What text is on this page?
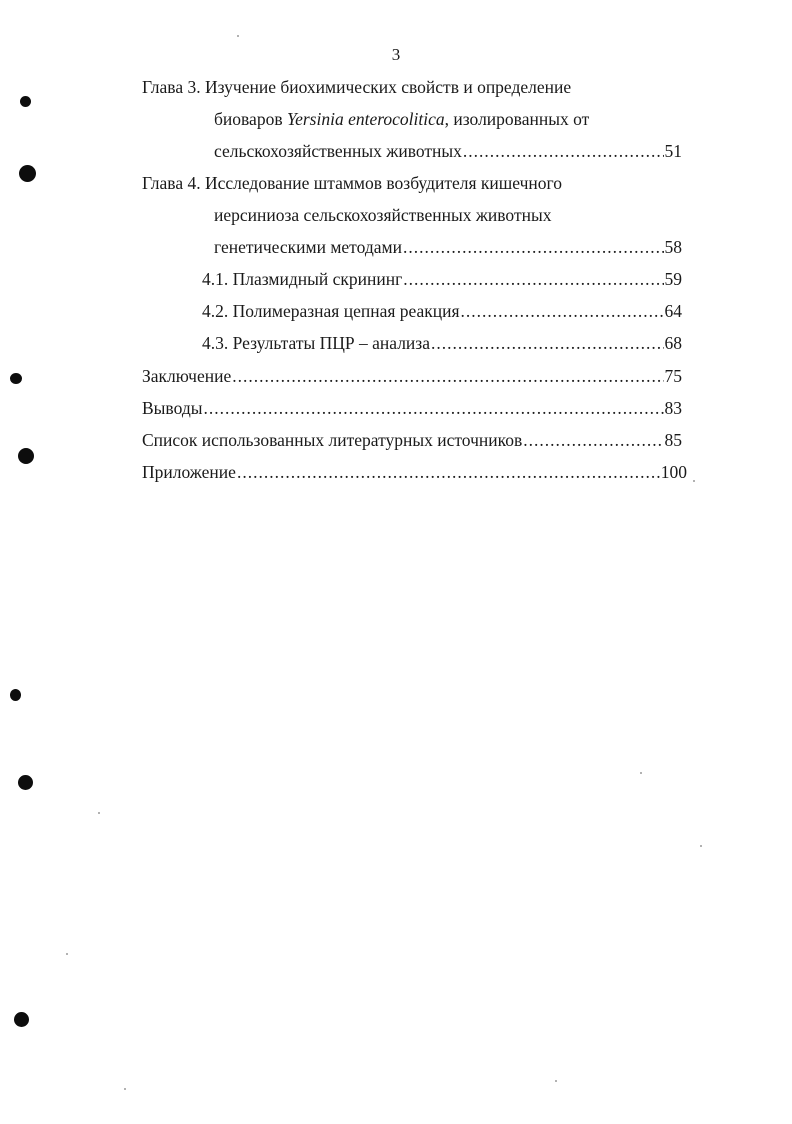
3
Глава 3. Изучение биохимических свойств и определение
биоваров Yersinia enterocolitica, изолированных от
сельскохозяйственных животных .....	51
Глава 4. Исследование штаммов возбудителя кишечного
иерсиниоза сельскохозяйственных животных
генетическими методами .....	58
4.1. Плазмидный скрининг .....	59
4.2. Полимеразная цепная реакция .....	64
4.3. Результаты ПЦР – анализа .....	68
Заключение .....	75
Выводы .....	83
Список использованных литературных источников .....	85
Приложение .....	100
